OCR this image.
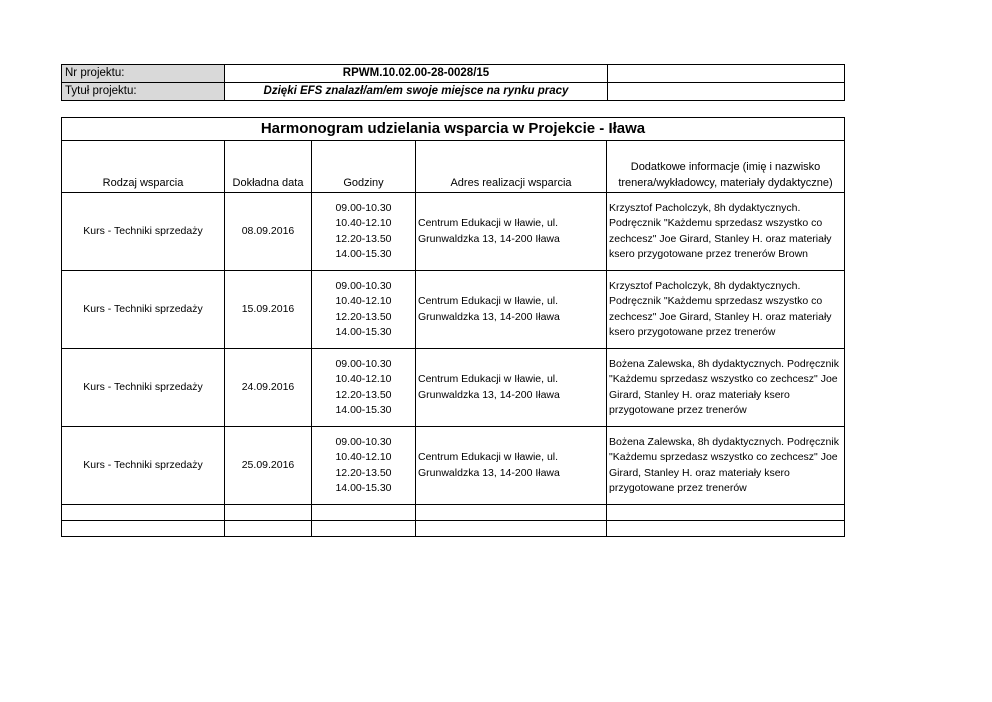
Nr projektu:	RPWM.10.02.00-28-0028/15	
Tytuł projektu:	Dzięki EFS znalazł/am/em swoje miejsce na rynku pracy	
Harmonogram udzielania wsparcia w Projekcie - Iława				
Rodzaj wsparcia	Dokładna data	Godziny	Adres realizacji wsparcia	Dodatkowe informacje (imię i nazwisko trenera/wykładowcy, materiały dydaktyczne)
Kurs - Techniki sprzedaży	08.09.2016	09.00-10.30
10.40-12.10
12.20-13.50
14.00-15.30	Centrum Edukacji w Iławie, ul. Grunwaldzka 13, 14-200 Iława	Krzysztof Pacholczyk, 8h dydaktycznych. Podręcznik "Każdemu sprzedasz wszystko co zechcesz" Joe Girard, Stanley H. oraz materiały ksero przygotowane przez trenerów Brown
Kurs - Techniki sprzedaży	15.09.2016	09.00-10.30
10.40-12.10
12.20-13.50
14.00-15.30	Centrum Edukacji w Iławie, ul. Grunwaldzka 13, 14-200 Iława	Krzysztof Pacholczyk, 8h dydaktycznych. Podręcznik "Każdemu sprzedasz wszystko co zechcesz" Joe Girard, Stanley H. oraz materiały ksero przygotowane przez trenerów
Kurs - Techniki sprzedaży	24.09.2016	09.00-10.30
10.40-12.10
12.20-13.50
14.00-15.30	Centrum Edukacji w Iławie, ul. Grunwaldzka 13, 14-200 Iława	Bożena Zalewska, 8h dydaktycznych. Podręcznik "Każdemu sprzedasz wszystko co zechcesz" Joe Girard, Stanley H. oraz materiały ksero przygotowane przez trenerów
Kurs - Techniki sprzedaży	25.09.2016	09.00-10.30
10.40-12.10
12.20-13.50
14.00-15.30	Centrum Edukacji w Iławie, ul. Grunwaldzka 13, 14-200 Iława	Bożena Zalewska, 8h dydaktycznych. Podręcznik "Każdemu sprzedasz wszystko co zechcesz" Joe Girard, Stanley H. oraz materiały ksero przygotowane przez trenerów
